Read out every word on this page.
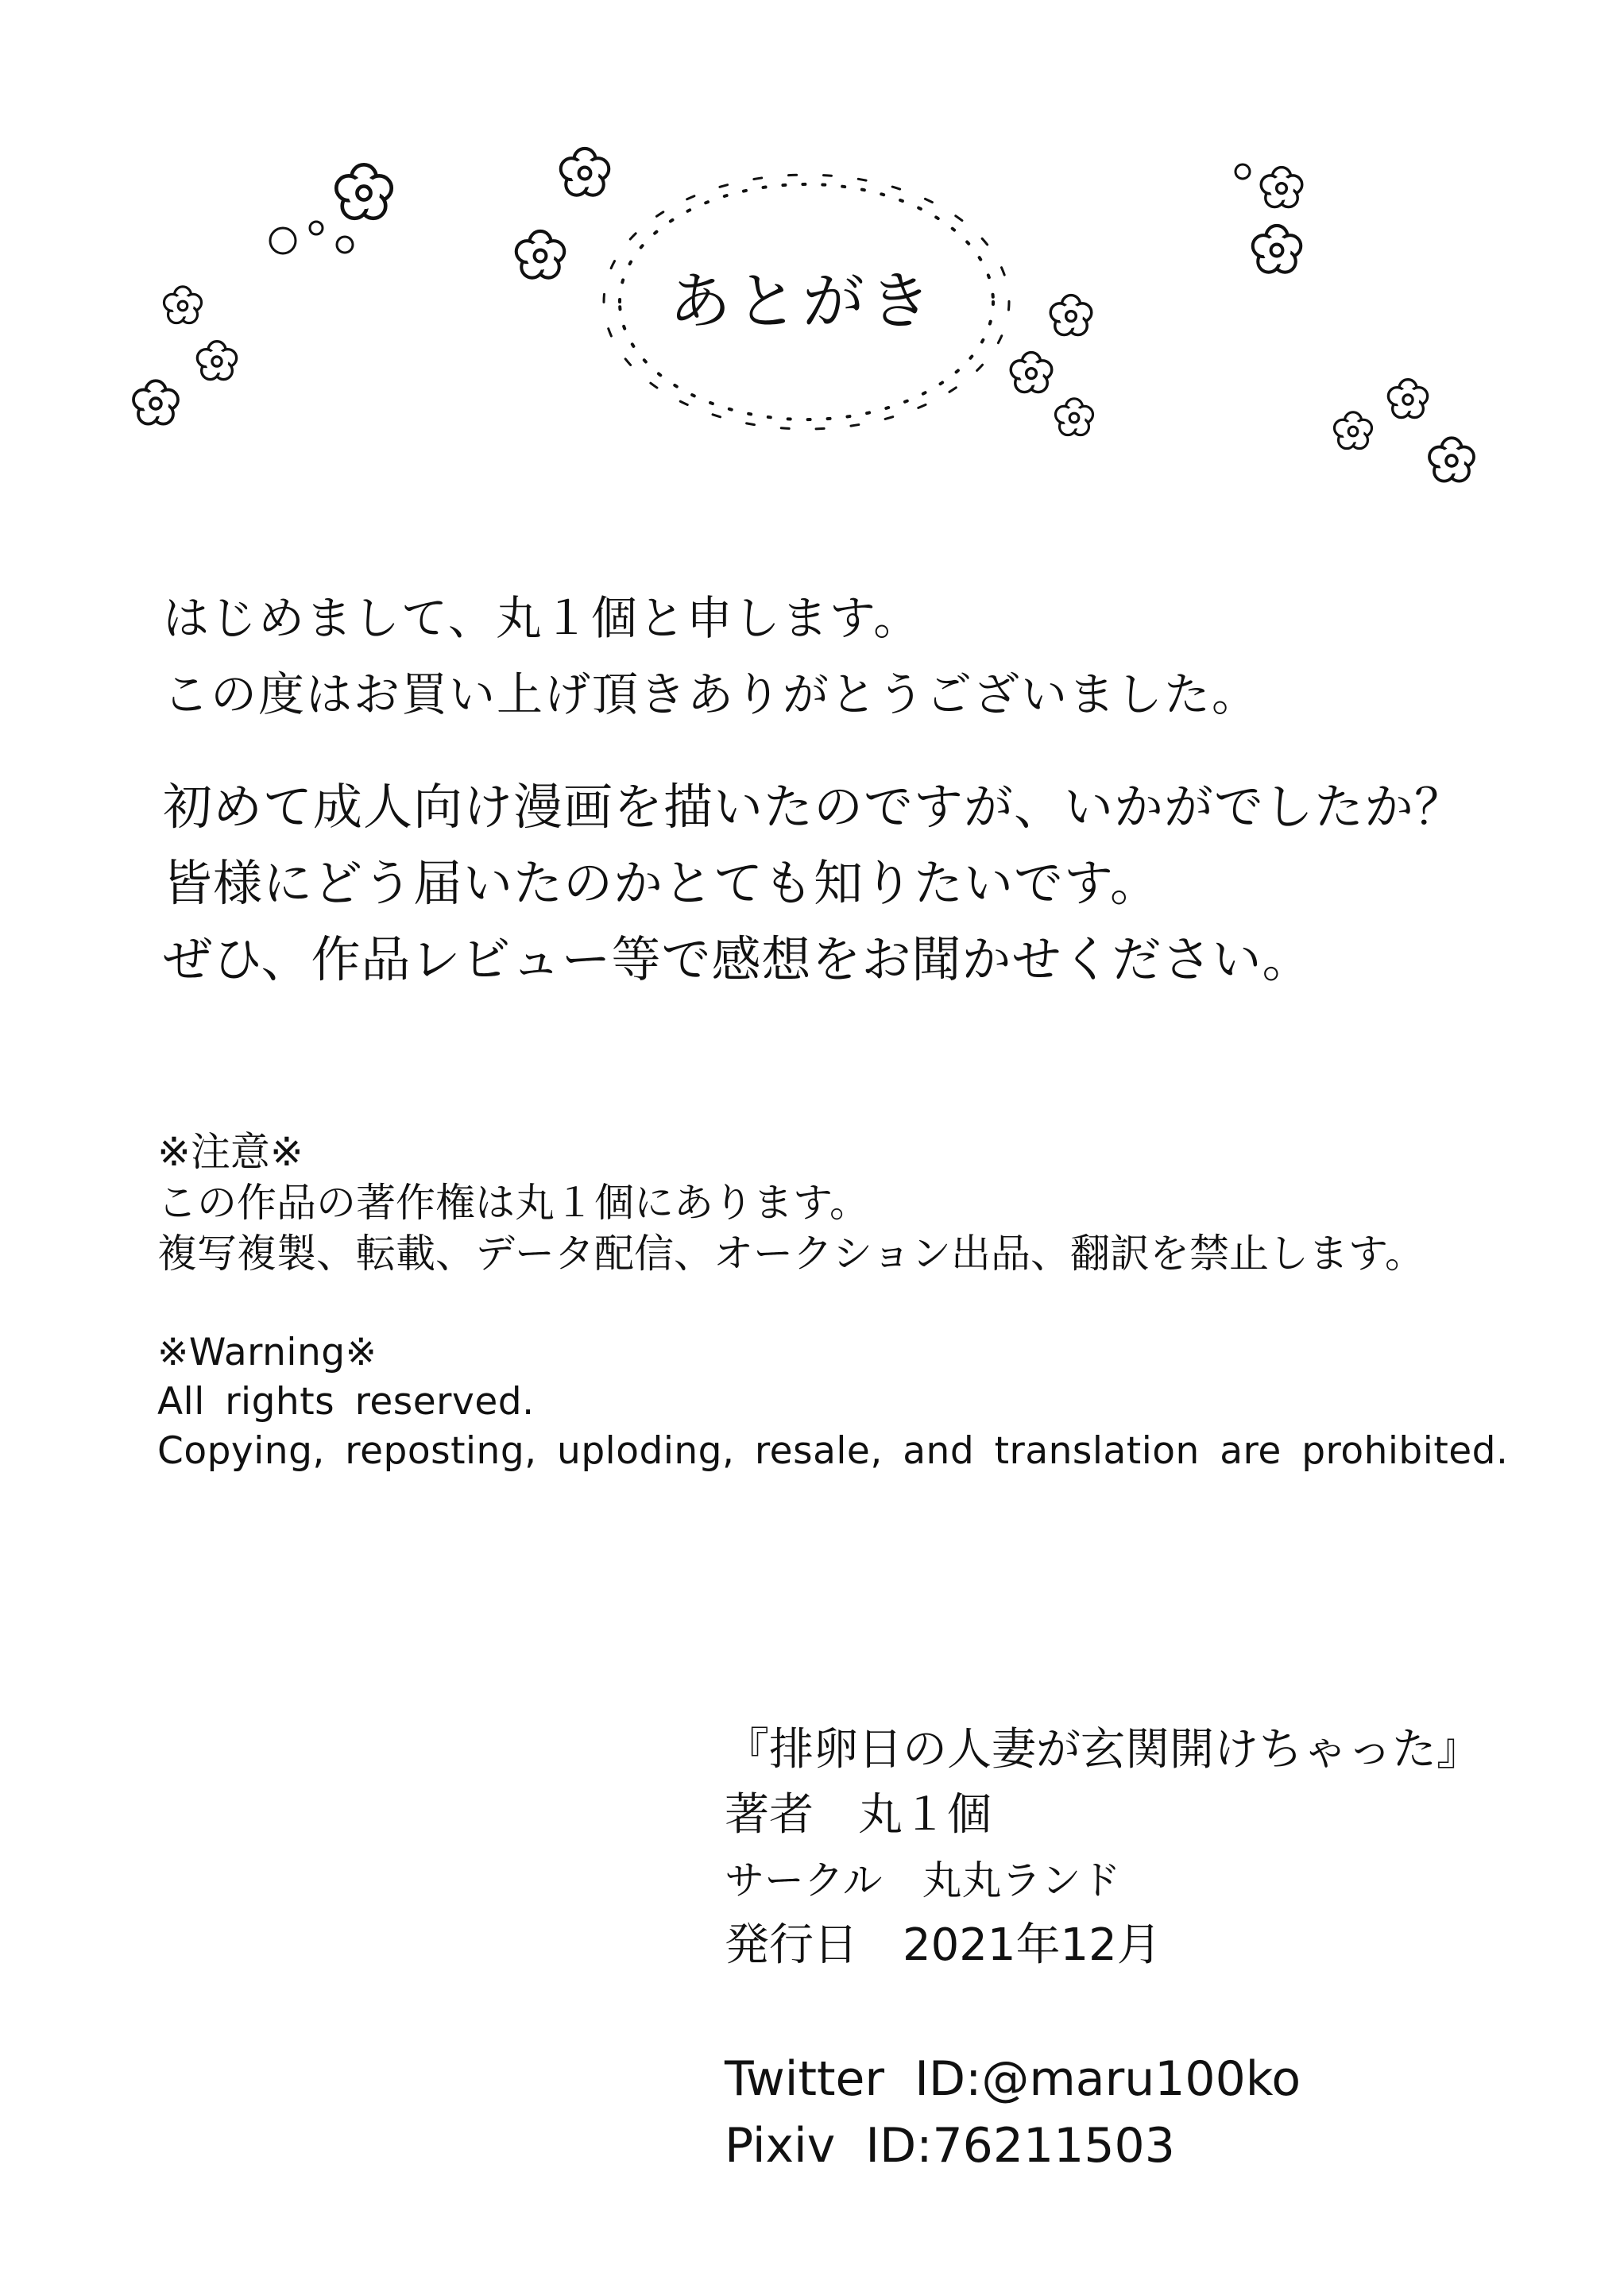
あとがき
はじめまして、丸１個と申します。
この度はお買い上げ頂きありがとうございました。
初めて成人向け漫画を描いたのですが、いかがでしたか？
皆様にどう届いたのかとても知りたいです。
ぜひ、作品レビュー等で感想をお聞かせください。
※注意※
この作品の著作権は丸１個にあります。
複写複製、転載、データ配信、オークション出品、翻訳を禁止します。
※Warning※
All rights reserved.
Copying, reposting, uploding, resale, and translation are prohibited.
『排卵日の人妻が玄関開けちゃった』
著者　丸１個
サークル　丸丸ランド
発行日　2021年12月
Twitter  ID:@maru100ko
Pixiv  ID:76211503
